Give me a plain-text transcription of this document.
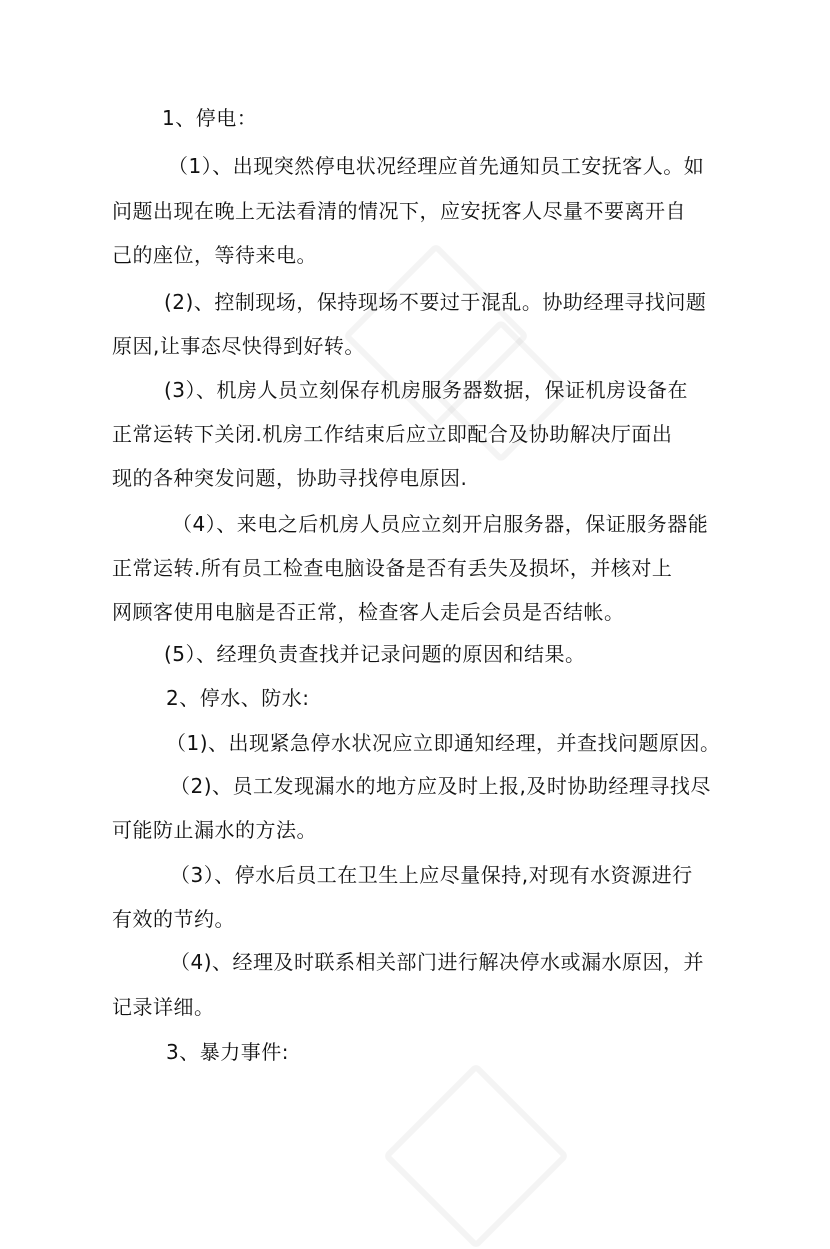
1、停电：
（1）、出现突然停电状况经理应首先通知员工安抚客人。如
问题出现在晚上无法看清的情况下，应安抚客人尽量不要离开自
己的座位，等待来电。
(2)、控制现场，保持现场不要过于混乱。协助经理寻找问题
原因,让事态尽快得到好转。
(3）、机房人员立刻保存机房服务器数据，保证机房设备在
正常运转下关闭.机房工作结束后应立即配合及协助解决厅面出
现的各种突发问题，协助寻找停电原因.
（4）、来电之后机房人员应立刻开启服务器，保证服务器能
正常运转.所有员工检查电脑设备是否有丢失及损坏，并核对上
网顾客使用电脑是否正常，检查客人走后会员是否结帐。
(5）、经理负责查找并记录问题的原因和结果。
2、停水、防水:
（1)、出现紧急停水状况应立即通知经理，并查找问题原因。
（2)、员工发现漏水的地方应及时上报,及时协助经理寻找尽
可能防止漏水的方法。
（3）、停水后员工在卫生上应尽量保持,对现有水资源进行
有效的节约。
（4)、经理及时联系相关部门进行解决停水或漏水原因，并
记录详细。
3、暴力事件:
